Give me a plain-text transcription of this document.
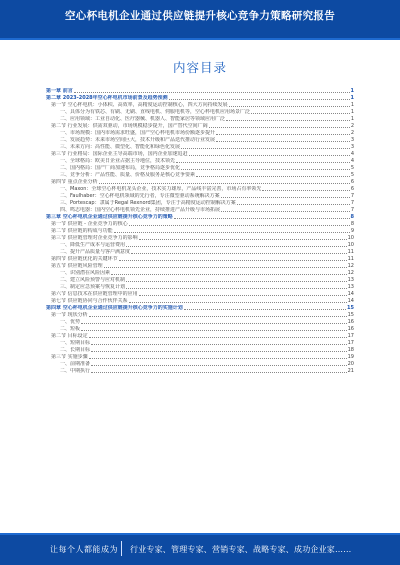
空心杯电机企业通过供应链提升核心竞争力策略研究报告
内容目录
第一章 前言	1
第二章 2023-2028年空心杯电机市场前景及趋势预测	1
第一节 空心杯电机：小体积、高效率，高精度运动控制核心，四大方向持续发展	1
一、具体分为有铁芯、有刷、无刷、直线电机、伺服电机等，空心杯电机应用场景广泛	1
二、应用领域：工业自动化、医疗器械、机器人、智能家居等领域应用广泛	1
第二节 行业发展：供需双驱动，市场规模稳步提升，国产替代空间广阔	2
一、市场规模：国内市场需求旺盛，国产空心杯电机市场份额逐步提升	2
二、发展趋势：未来市场空间巨大，技术升级和产品迭代推动行业发展	3
三、未来方向：高性能、微型化、智能化和绿色化发展	3
第三节 行业格局：国际企业主导高端市场，国内企业加速追赶	4
一、全球格局：欧美日企业占据主导地位，技术领先	4
二、国内格局：国产厂商加速布局，竞争格局逐步优化	5
三、竞争分析：产品性能、质量、价格及服务是核心竞争要素	5
第四节 重点企业分析	6
一、Maxon：全球空心杯电机龙头企业，技术实力雄厚，产品线丰富完善，市场占有率领先	6
二、Faulhaber：空心杯电机领域的先行者，专注微型驱动系统解决方案	7
三、Portescap：隶属于Regal Rexnord集团，专注于高精度运动控制解决方案	7
四、鸣志电器：国内空心杯电机领先企业，持续推进产品升级与市场拓展	7
第三章 空心杯电机企业通过供应链提升核心竞争力的策略	8
第一节 供应链 - 企业竞争力的核心	8
第二节 供应链的构成与功能	9
第三节 供应链管理对企业竞争力的影响	10
一、降低生产成本与运营费用	10
二、提升产品质量与客户满意度	11
第四节 供应链优化的关键环节	11
第五节 供应链风险管理	12
一、识别潜在风险因素	12
二、建立风险预警与应对机制	13
三、制定应急预案与恢复计划	13
第六节 信息技术在供应链管理中的应用	14
第七节 供应链协同与合作伙伴关系	14
第四章 空心杯电机企业通过供应链提升核心竞争力的实施计划	15
第一节 现状分析	15
一、优势	16
二、短板	16
第二节 目标设定	17
一、短期目标	17
二、长期目标	18
第三节 实施步骤	19
一、前期准备	20
二、中期执行	21
让每个人都能成为 行业专家、管理专家、营销专家、战略专家、成功企业家……
